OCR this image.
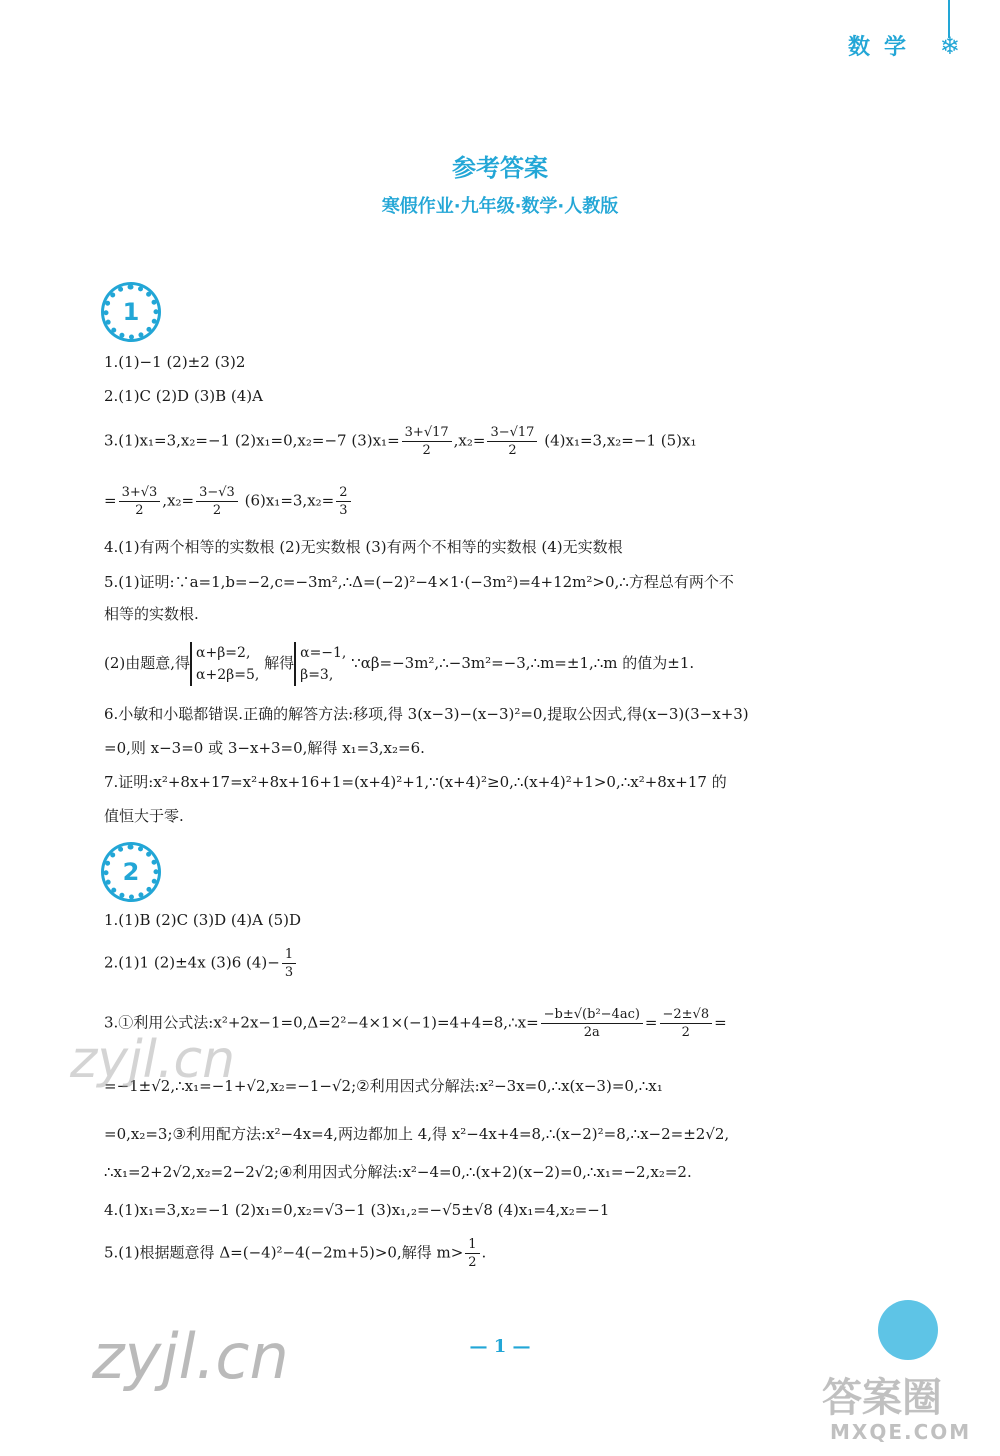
数学 ❄
参考答案
寒假作业·九年级·数学·人教版
1
1.(1)−1 (2)±2 (3)2
2.(1)C (2)D (3)B (4)A
3.(1)x₁=3,x₂=−1 (2)x₁=0,x₂=−7 $(3)x_1= \frac{3+√17}{2} ,x_2= \frac{3-√17}{2} (4)x_1=3,x_2=-1$ (5)x₁
= $\frac{3+√3}{2} ,x_2= \frac{3-√3}{2} (6)x_1=3,x_2= \frac{2}{3}$
4.(1)有两个相等的实数根 (2)无实数根 (3)有两个不相等的实数根 (4)无实数根
5.(1)证明:∵a=1,b=−2,c=−3m²,∴Δ=(−2)²−4×1·(−3m²)=4+12m²>0,∴方程总有两个不
相等的实数根.
(2)由题意,得
α+β=2,
α+2β=5,
解得
α=−1,
β=3,
∵αβ=−3m²,∴−3m²=−3,∴m=±1,∴m 的值为±1.
6.小敏和小聪都错误.正确的解答方法:移项,得 3(x−3)−(x−3)²=0,提取公因式,得(x−3)(3−x+3)
=0,则 x−3=0 或 3−x+3=0,解得 x₁=3,x₂=6.
7.证明:x²+8x+17=x²+8x+16+1=(x+4)²+1,∵(x+4)²≥0,∴(x+4)²+1>0,∴x²+8x+17 的
值恒大于零.
2
1.(1)B (2)C (3)D (4)A (5)D
2.(1)1 (2)±4x (3)6 $(4)- \frac{1}{3}$
3.①利用公式法:x²+2x−1=0,Δ=2²−4×1×(−1)=4+4=8,∴x= $\frac{\text{−b±√(b²−4ac)}}{2a} = \frac{-2\pm√8}{2}$ =
=−1±√2,∴x₁=−1+√2,x₂=−1−√2;②利用因式分解法:x²−3x=0,∴x(x−3)=0,∴x₁
=0,x₂=3;③利用配方法:x²−4x=4,两边都加上 4,得 x²−4x+4=8,∴(x−2)²=8,∴x−2=±2√2,
∴x₁=2+2√2,x₂=2−2√2;④利用因式分解法:x²−4=0,∴(x+2)(x−2)=0,∴x₁=−2,x₂=2.
4.(1)x₁=3,x₂=−1 (2)x₁=0,x₂=√3−1 (3)x₁,₂=−√5±√8 (4)x₁=4,x₂=−1
5.(1)根据题意得 Δ=(−4)²−4(−2m+5)>0,解得 $m> \frac{1}{2}$ .
— 1 —
zyjl.cn
zyjl.cn
答案圈
MXQE.COM
